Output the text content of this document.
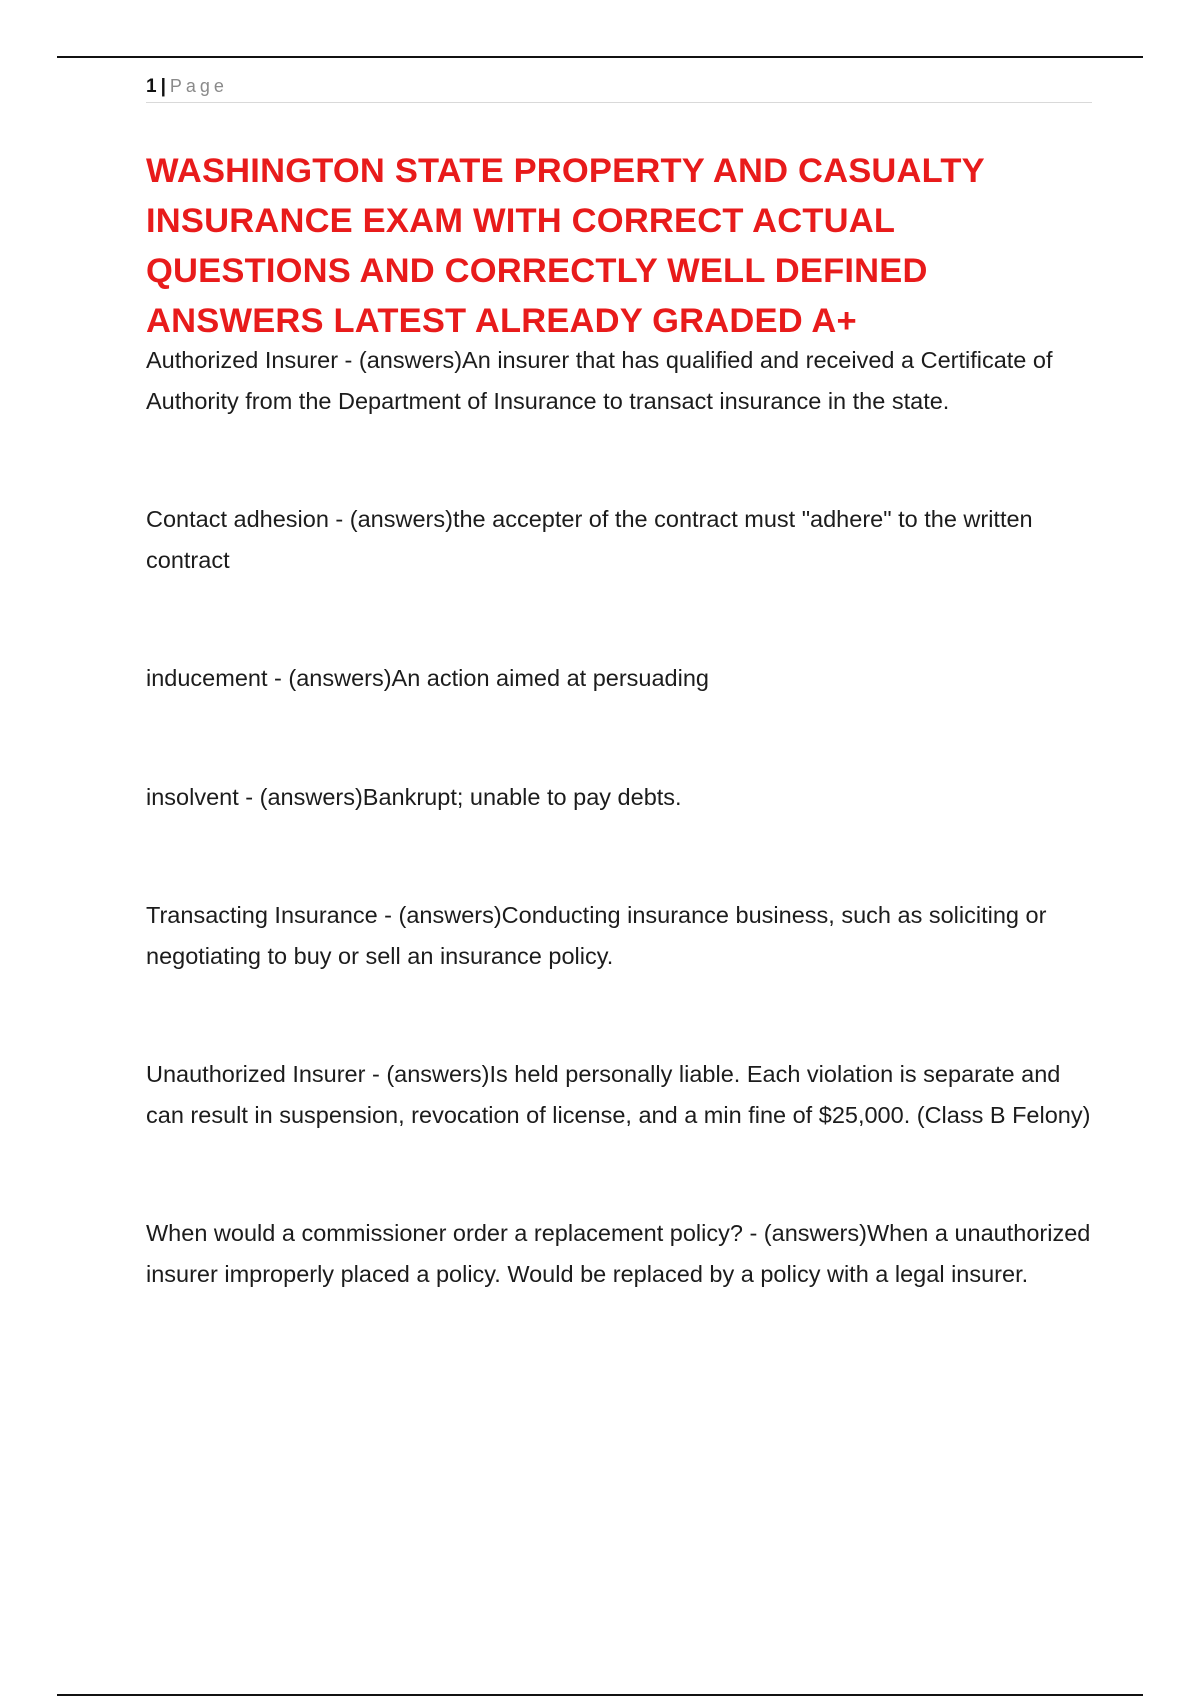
1 | Page
WASHINGTON STATE PROPERTY AND CASUALTY INSURANCE EXAM WITH CORRECT ACTUAL QUESTIONS AND CORRECTLY WELL DEFINED ANSWERS LATEST ALREADY GRADED A+

Authorized Insurer - (answers)An insurer that has qualified and received a Certificate of Authority from the Department of Insurance to transact insurance in the state.

Contact adhesion - (answers)the accepter of the contract must "adhere" to the written contract

inducement - (answers)An action aimed at persuading

insolvent - (answers)Bankrupt; unable to pay debts.

Transacting Insurance - (answers)Conducting insurance business, such as soliciting or negotiating to buy or sell an insurance policy.

Unauthorized Insurer - (answers)Is held personally liable. Each violation is separate and can result in suspension, revocation of license, and a min fine of $25,000. (Class B Felony)

When would a commissioner order a replacement policy? - (answers)When a unauthorized insurer improperly placed a policy. Would be replaced by a policy with a legal insurer.
